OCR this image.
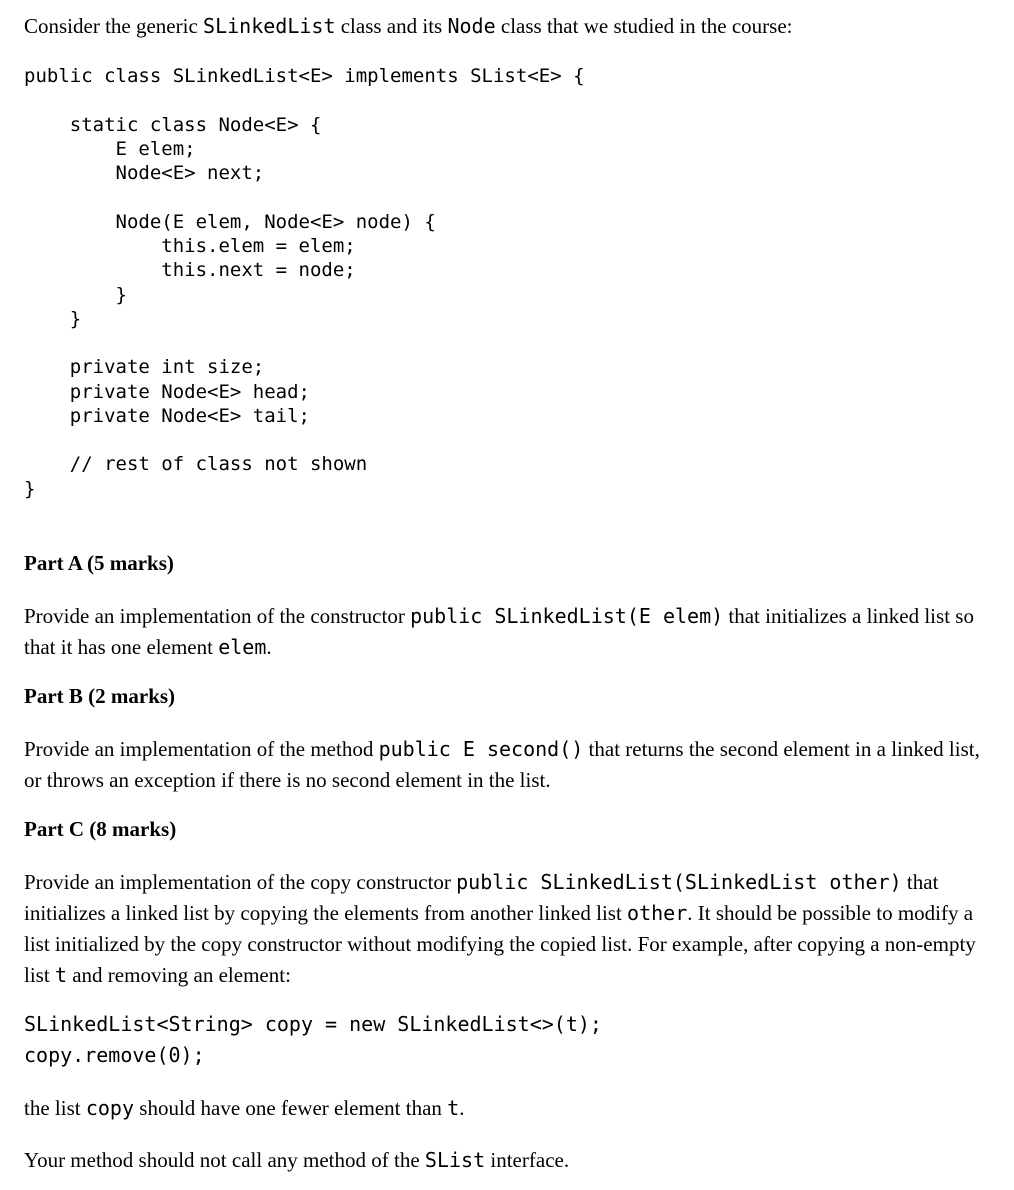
Consider the generic SLinkedList class and its Node class that we studied in the course:
public class SLinkedList<E> implements SList<E> {
static class Node<E> {
E elem;
Node<E> next;
Node(E elem, Node<E> node) {
this.elem = elem;
this.next = node;
}
}
private int size;
private Node<E> head;
private Node<E> tail;
// rest of class not shown
}
Part A (5 marks)
Provide an implementation of the constructor public SLinkedList(E elem) that initializes a linked list so that it has one element elem.
Part B (2 marks)
Provide an implementation of the method public E second() that returns the second element in a linked list, or throws an exception if there is no second element in the list.
Part C (8 marks)
Provide an implementation of the copy constructor public SLinkedList(SLinkedList other) that initializes a linked list by copying the elements from another linked list other. It should be possible to modify a list initialized by the copy constructor without modifying the copied list. For example, after copying a non-empty list t and removing an element:
SLinkedList<String> copy = new SLinkedList<>(t);
copy.remove(0);
the list copy should have one fewer element than t.
Your method should not call any method of the SList interface.
